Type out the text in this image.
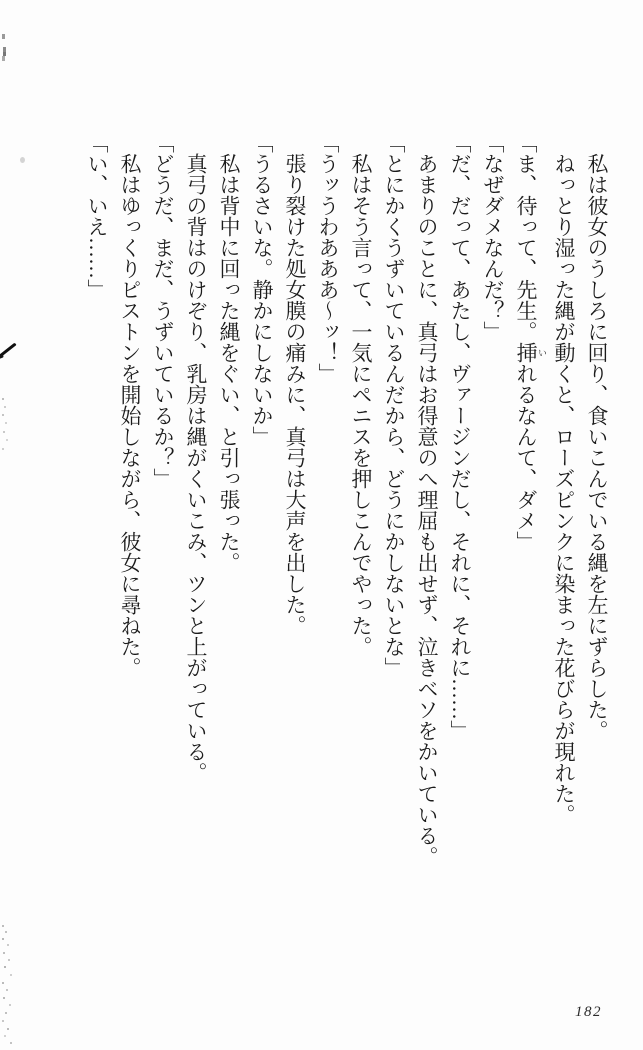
　私は彼女のうしろに回り、食いこんでいる縄を左にずらした。

　ねっとり湿った縄が動くと、ローズピンクに染まった花びらが現れた。

「ま、待って、先生。挿 いれるなんて、ダメ」

「なぜダメなんだ？」

「だ、だって、あたし、ヴァージンだし、それに、それに……」

　あまりのことに、真弓はお得意のへ理屈も出せず、泣きベソをかいている。

「とにかくうずいているんだから、どうにかしないとな」

　私はそう言って、一気にペニスを押しこんでやった。

「うッうわあああ〜ッ！」

　張り裂けた処女膜の痛みに、真弓は大声を出した。

「うるさいな。静かにしないか」

　私は背中に回った縄をぐい、と引っ張った。

　真弓の背はのけぞり、乳房は縄がくいこみ、ツンと上がっている。

「どうだ、まだ、うずいているか？」

　私はゆっくりピストンを開始しながら、彼女に尋ねた。

「い、いえ……」

182
